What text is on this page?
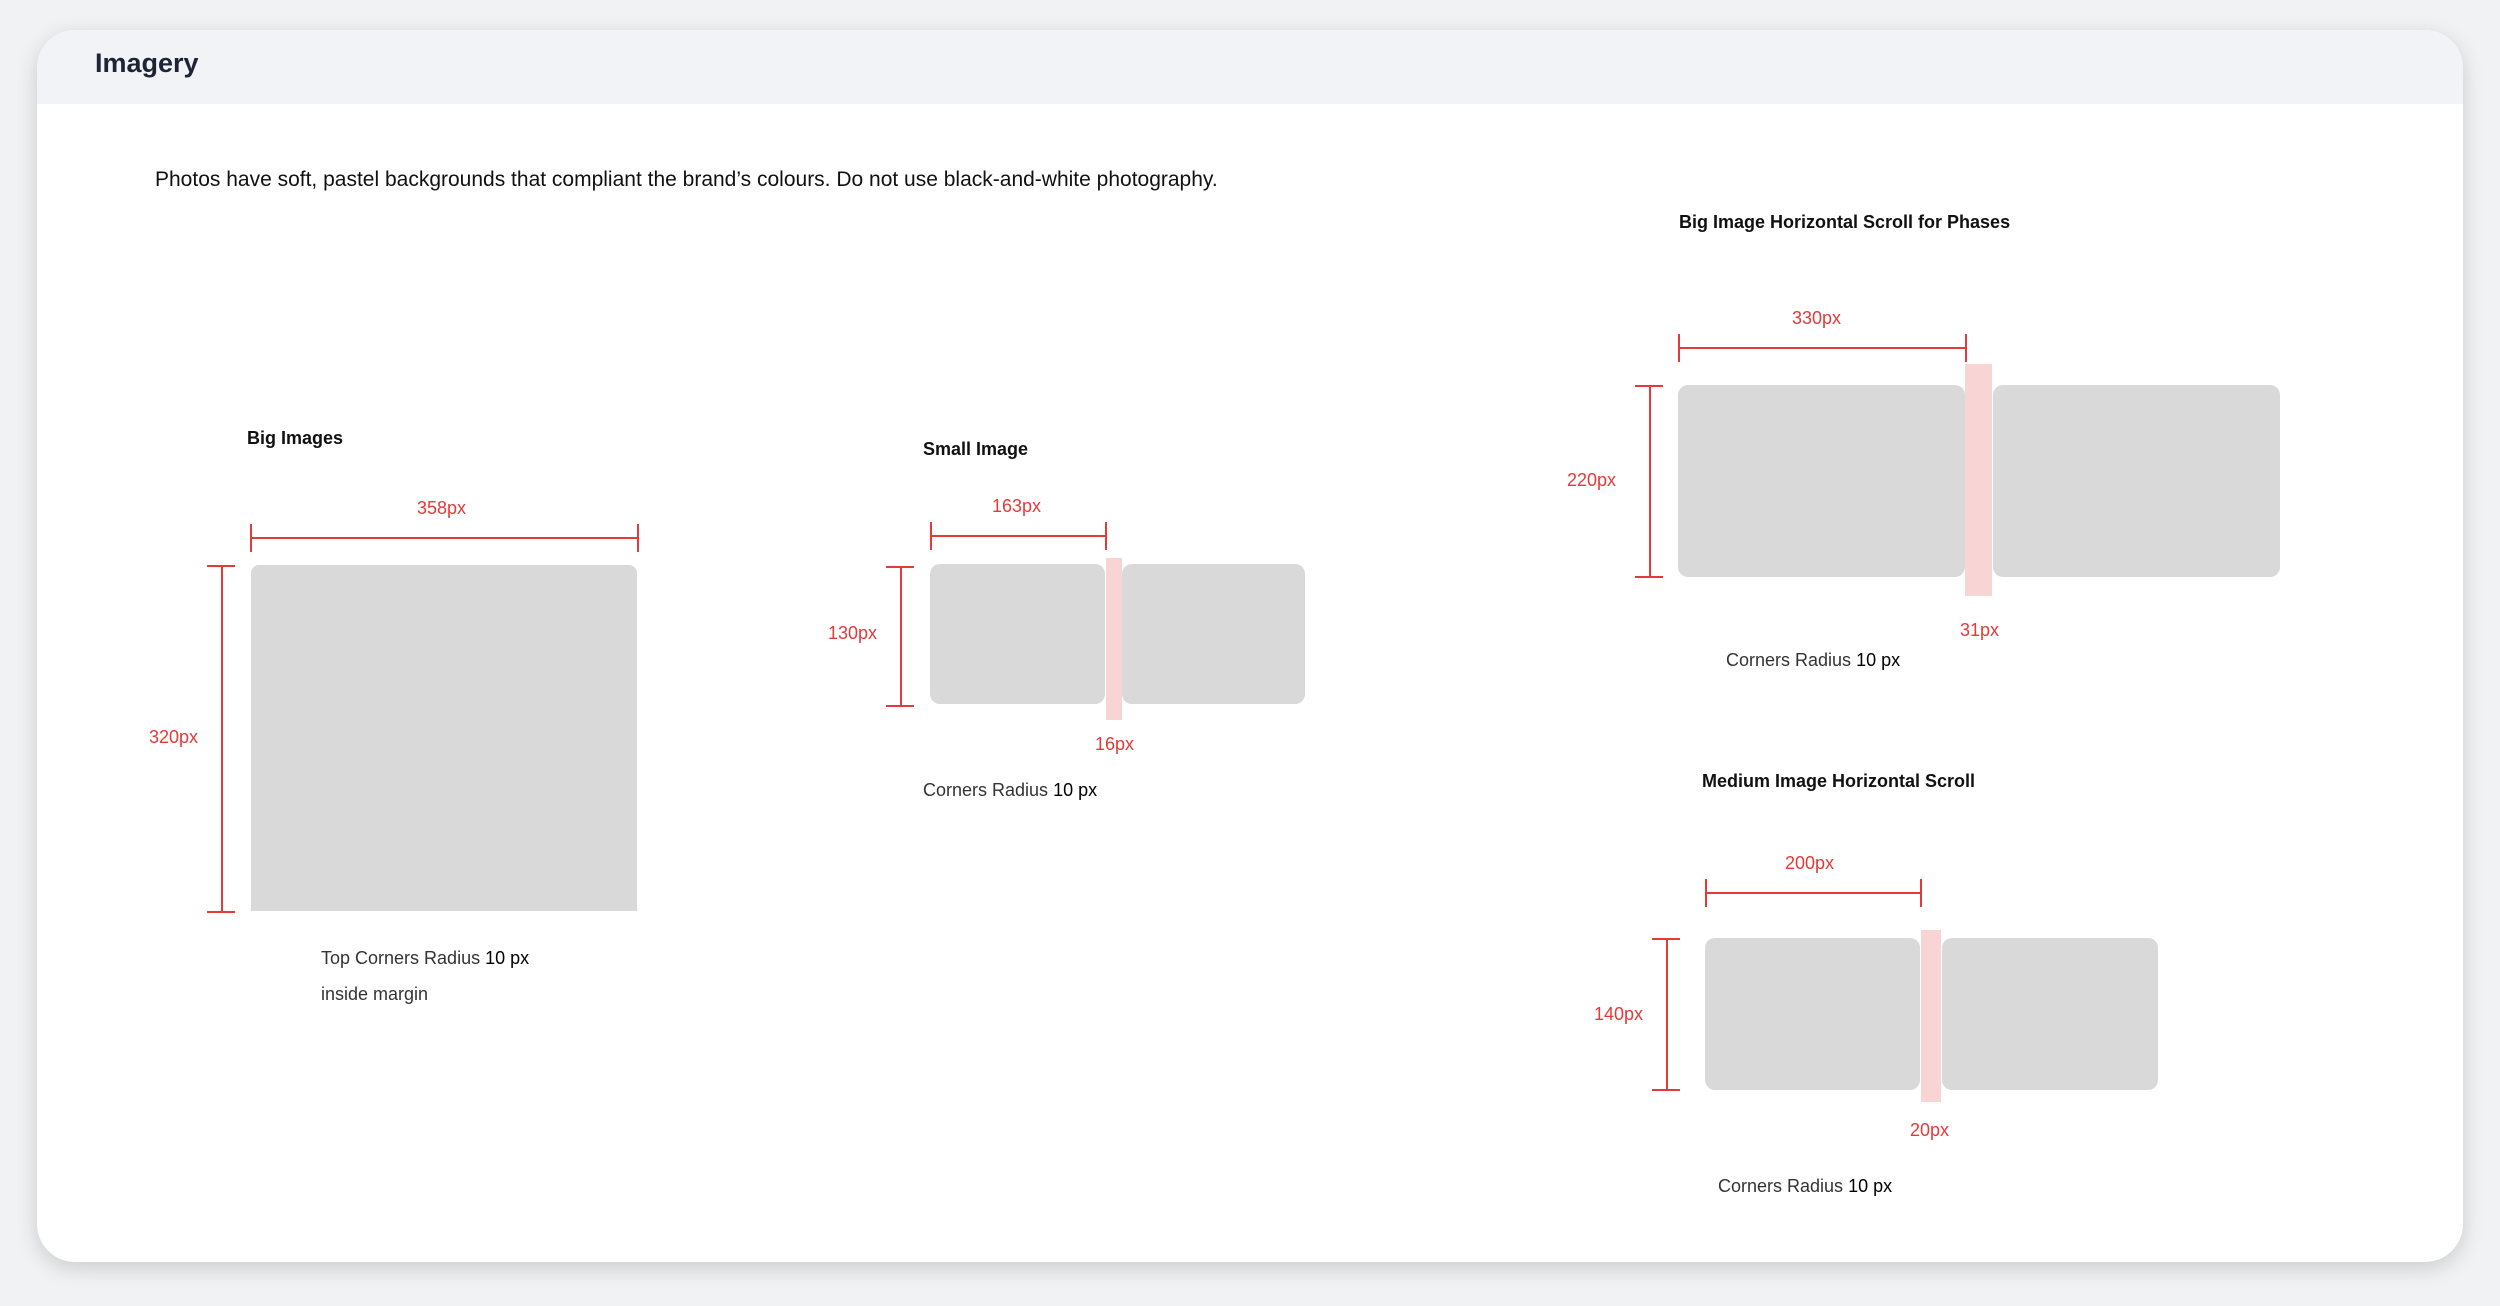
Imagery
Photos have soft, pastel backgrounds that compliant the brand’s colours. Do not use black-and-white photography.
Big Images
358px
320px
Top Corners Radius 10 px
inside margin
Small Image
163px
130px
16px
Corners Radius 10 px
Big Image Horizontal Scroll for Phases
330px
220px
31px
Corners Radius 10 px
Medium Image Horizontal Scroll
200px
140px
20px
Corners Radius 10 px
